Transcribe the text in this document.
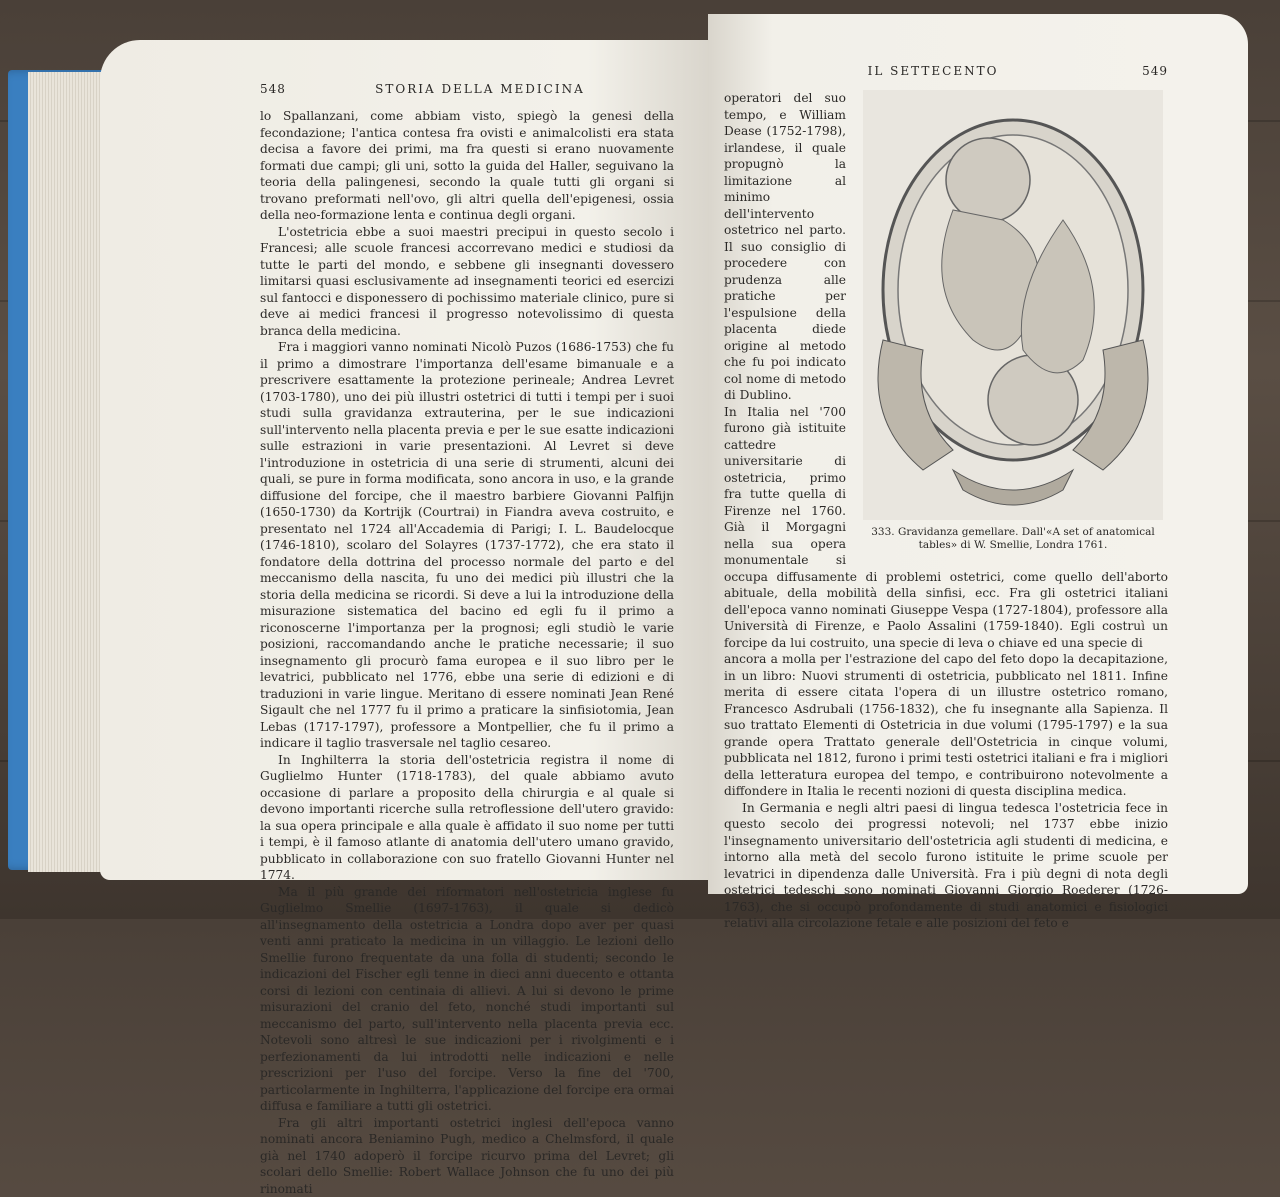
548	STORIA DELLA MEDICINA

lo Spallanzani, come abbiam visto, spiegò la genesi della fecondazione; l'antica contesa fra ovisti e animalcolisti era stata decisa a favore dei primi, ma fra questi si erano nuovamente formati due campi; gli uni, sotto la guida del Haller, seguivano la teoria della palingenesi, secondo la quale tutti gli organi si trovano preformati nell'ovo, gli altri quella dell'epigenesi, ossia della neo-formazione lenta e continua degli organi.

L'ostetricia ebbe a suoi maestri precipui in questo secolo i Francesi; alle scuole francesi accorrevano medici e studiosi da tutte le parti del mondo, e sebbene gli insegnanti dovessero limitarsi quasi esclusivamente ad insegnamenti teorici ed esercizi sul fantocci e disponessero di pochissimo materiale clinico, pure si deve ai medici francesi il progresso notevolissimo di questa branca della medicina.

Fra i maggiori vanno nominati Nicolò Puzos (1686-1753) che fu il primo a dimostrare l'importanza dell'esame bimanuale e a prescrivere esattamente la protezione perineale; Andrea Levret (1703-1780), uno dei più illustri ostetrici di tutti i tempi per i suoi studi sulla gravidanza extrauterina, per le sue indicazioni sull'intervento nella placenta previa e per le sue esatte indicazioni sulle estrazioni in varie presentazioni. Al Levret si deve l'introduzione in ostetricia di una serie di strumenti, alcuni dei quali, se pure in forma modificata, sono ancora in uso, e la grande diffusione del forcipe, che il maestro barbiere Giovanni Palfijn (1650-1730) da Kortrijk (Courtrai) in Fiandra aveva costruito, e presentato nel 1724 all'Accademia di Parigi; I. L. Baudelocque (1746-1810), scolaro del Solayres (1737-1772), che era stato il fondatore della dottrina del processo normale del parto e del meccanismo della nascita, fu uno dei medici più illustri che la storia della medicina se ricordi. Si deve a lui la introduzione della misurazione sistematica del bacino ed egli fu il primo a riconoscerne l'importanza per la prognosi; egli studiò le varie posizioni, raccomandando anche le pratiche necessarie; il suo insegnamento gli procurò fama europea e il suo libro per le levatrici, pubblicato nel 1776, ebbe una serie di edizioni e di traduzioni in varie lingue. Meritano di essere nominati Jean René Sigault che nel 1777 fu il primo a praticare la sinfisiotomia, Jean Lebas (1717-1797), professore a Montpellier, che fu il primo a indicare il taglio trasversale nel taglio cesareo.

In Inghilterra la storia dell'ostetricia registra il nome di Guglielmo Hunter (1718-1783), del quale abbiamo avuto occasione di parlare a proposito della chirurgia e al quale si devono importanti ricerche sulla retroflessione dell'utero gravido: la sua opera principale e alla quale è affidato il suo nome per tutti i tempi, è il famoso atlante di anatomia dell'utero umano gravido, pubblicato in collaborazione con suo fratello Giovanni Hunter nel 1774.

Ma il più grande dei riformatori nell'ostetricia inglese fu Guglielmo Smellie (1697-1763), il quale si dedicò all'insegnamento della ostetricia a Londra dopo aver per quasi venti anni praticato la medicina in un villaggio. Le lezioni dello Smellie furono frequentate da una folla di studenti; secondo le indicazioni del Fischer egli tenne in dieci anni duecento e ottanta corsi di lezioni con centinaia di allievi. A lui si devono le prime misurazioni del cranio del feto, nonché studi importanti sul meccanismo del parto, sull'intervento nella placenta previa ecc. Notevoli sono altresì le sue indicazioni per i rivolgimenti e i perfezionamenti da lui introdotti nelle indicazioni e nelle prescrizioni per l'uso del forcipe. Verso la fine del '700, particolarmente in Inghilterra, l'applicazione del forcipe era ormai diffusa e familiare a tutti gli ostetrici.

Fra gli altri importanti ostetrici inglesi dell'epoca vanno nominati ancora Beniamino Pugh, medico a Chelmsford, il quale già nel 1740 adoperò il forcipe ricurvo prima del Levret; gli scolari dello Smellie: Robert Wallace Johnson che fu uno dei più rinomati

IL SETTECENTO	549
333. Gravidanza gemellare. Dall'«A set of anatomical tables» di W. Smellie, Londra 1761.

operatori del suo tempo, e William Dease (1752-1798), irlandese, il quale propugnò la limitazione al minimo dell'intervento ostetrico nel parto. Il suo consiglio di procedere con prudenza alle pratiche per l'espulsione della placenta diede origine al metodo che fu poi indicato col nome di metodo di Dublino.

In Italia nel '700 furono già istituite cattedre universitarie di ostetricia, primo fra tutte quella di Firenze nel 1760. Già il Morgagni nella sua opera monumentale si occupa diffusamente di problemi ostetrici, come quello dell'aborto abituale, della mobilità della sinfisi, ecc. Fra gli ostetrici italiani dell'epoca vanno nominati Giuseppe Vespa (1727-1804), professore alla Università di Firenze, e Paolo Assalini (1759-1840). Egli costruì un forcipe da lui costruito, una specie di leva o chiave ed una specie di

ancora a molla per l'estrazione del capo del feto dopo la decapitazione, in un libro: Nuovi strumenti di ostetricia, pubblicato nel 1811. Infine merita di essere citata l'opera di un illustre ostetrico romano, Francesco Asdrubali (1756-1832), che fu insegnante alla Sapienza. Il suo trattato Elementi di Ostetricia in due volumi (1795-1797) e la sua grande opera Trattato generale dell'Ostetricia in cinque volumi, pubblicata nel 1812, furono i primi testi ostetrici italiani e fra i migliori della letteratura europea del tempo, e contribuirono notevolmente a diffondere in Italia le recenti nozioni di questa disciplina medica.

In Germania e negli altri paesi di lingua tedesca l'ostetricia fece in questo secolo dei progressi notevoli; nel 1737 ebbe inizio l'insegnamento universitario dell'ostetricia agli studenti di medicina, e intorno alla metà del secolo furono istituite le prime scuole per levatrici in dipendenza dalle Università. Fra i più degni di nota degli ostetrici tedeschi sono nominati Giovanni Giorgio Roederer (1726-1763), che si occupò profondamente di studi anatomici e fisiologici relativi alla circolazione fetale e alle posizioni del feto e
